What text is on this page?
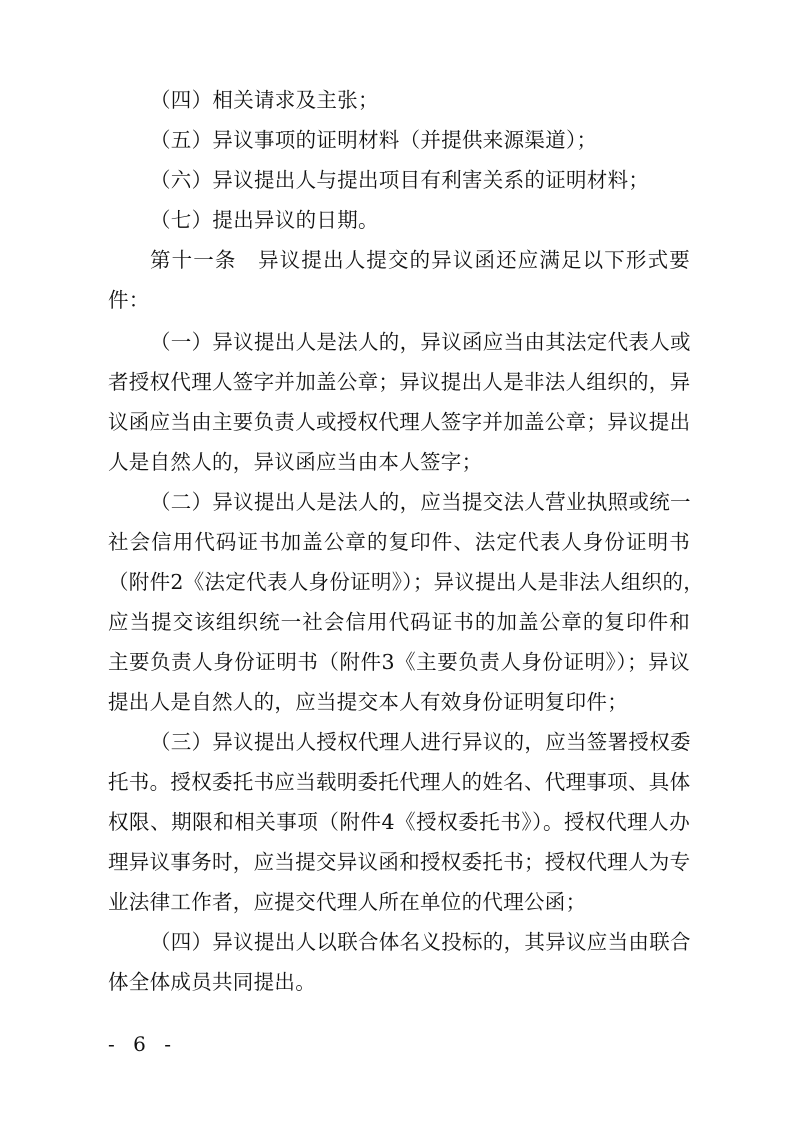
（四）相关请求及主张；
（五）异议事项的证明材料（并提供来源渠道）；
（六）异议提出人与提出项目有利害关系的证明材料；
（七）提出异议的日期。
第十一条　异议提出人提交的异议函还应满足以下形式要
件：
（一）异议提出人是法人的，异议函应当由其法定代表人或
者授权代理人签字并加盖公章；异议提出人是非法人组织的，异
议函应当由主要负责人或授权代理人签字并加盖公章；异议提出
人是自然人的，异议函应当由本人签字；
（二）异议提出人是法人的，应当提交法人营业执照或统一
社会信用代码证书加盖公章的复印件、法定代表人身份证明书
（附件2《法定代表人身份证明》）；异议提出人是非法人组织的，
应当提交该组织统一社会信用代码证书的加盖公章的复印件和
主要负责人身份证明书（附件3《主要负责人身份证明》）；异议
提出人是自然人的，应当提交本人有效身份证明复印件；
（三）异议提出人授权代理人进行异议的，应当签署授权委
托书。授权委托书应当载明委托代理人的姓名、代理事项、具体
权限、期限和相关事项（附件4《授权委托书》）。授权代理人办
理异议事务时，应当提交异议函和授权委托书；授权代理人为专
业法律工作者，应提交代理人所在单位的代理公函；
（四）异议提出人以联合体名义投标的，其异议应当由联合
体全体成员共同提出。
- 6 -
